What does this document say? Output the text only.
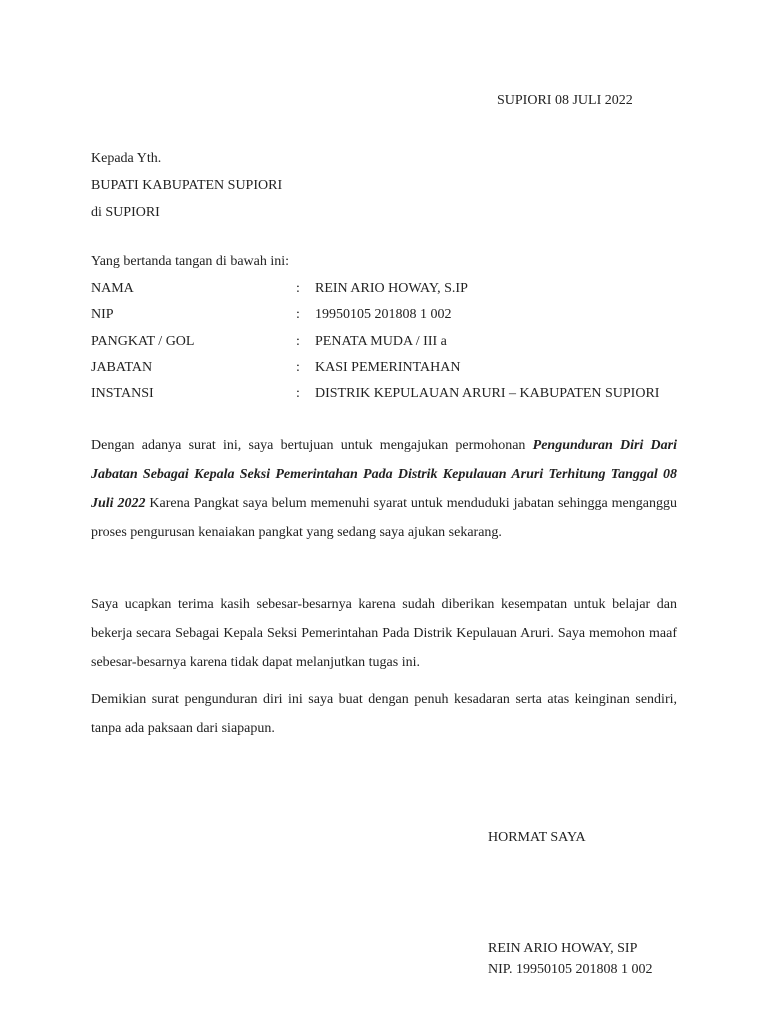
SUPIORI 08 JULI 2022
Kepada Yth.
BUPATI KABUPATEN SUPIORI
di SUPIORI
Yang bertanda tangan di bawah ini:
NAMA	: REIN ARIO HOWAY, S.IP
NIP	: 19950105 201808 1 002
PANGKAT / GOL	: PENATA MUDA / III a
JABATAN	: KASI PEMERINTAHAN
INSTANSI	: DISTRIK KEPULAUAN ARURI – KABUPATEN SUPIORI

Dengan adanya surat ini, saya bertujuan untuk mengajukan permohonan Pengunduran Diri Dari Jabatan Sebagai Kepala Seksi Pemerintahan Pada Distrik Kepulauan Aruri Terhitung Tanggal 08 Juli 2022 Karena Pangkat saya belum memenuhi syarat untuk menduduki jabatan sehingga menganggu proses pengurusan kenaiakan pangkat yang sedang saya ajukan sekarang.

Saya ucapkan terima kasih sebesar-besarnya karena sudah diberikan kesempatan untuk belajar dan bekerja secara Sebagai Kepala Seksi Pemerintahan Pada Distrik Kepulauan Aruri. Saya memohon maaf sebesar-besarnya karena tidak dapat melanjutkan tugas ini.

Demikian surat pengunduran diri ini saya buat dengan penuh kesadaran serta atas keinginan sendiri, tanpa ada paksaan dari siapapun.

HORMAT SAYA
REIN ARIO HOWAY, SIP
NIP. 19950105 201808 1 002
